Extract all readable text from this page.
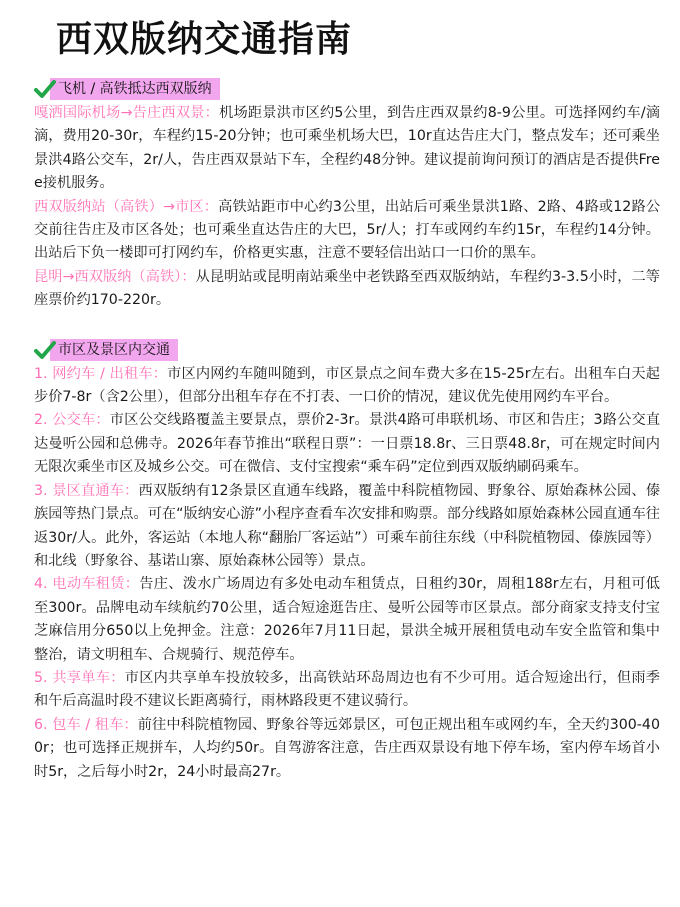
西双版纳交通指南
飞机 / 高铁抵达西双版纳

嘎洒国际机场→告庄西双景：机场距景洪市区约5公里，到告庄西双景约8-9公里。可选择网约车/滴滴，费用20-30r，车程约15-20分钟；也可乘坐机场大巴，10r直达告庄大门，整点发车；还可乘坐景洪4路公交车，2r/人，告庄西双景站下车，全程约48分钟。建议提前询问预订的酒店是否提供Free接机服务。

西双版纳站（高铁）→市区：高铁站距市中心约3公里，出站后可乘坐景洪1路、2路、4路或12路公交前往告庄及市区各处；也可乘坐直达告庄的大巴，5r/人；打车或网约车约15r，车程约14分钟。出站后下负一楼即可打网约车，价格更实惠，注意不要轻信出站口一口价的黑车。

昆明→西双版纳（高铁）：从昆明站或昆明南站乘坐中老铁路至西双版纳站，车程约3-3.5小时，二等座票价约170-220r。

市区及景区内交通

1. 网约车 / 出租车：市区内网约车随叫随到，市区景点之间车费大多在15-25r左右。出租车白天起步价7-8r（含2公里），但部分出租车存在不打表、一口价的情况，建议优先使用网约车平台。

2. 公交车：市区公交线路覆盖主要景点，票价2-3r。景洪4路可串联机场、市区和告庄；3路公交直达曼听公园和总佛寺。2026年春节推出“联程日票”：一日票18.8r、三日票48.8r，可在规定时间内无限次乘坐市区及城乡公交。可在微信、支付宝搜索“乘车码”定位到西双版纳刷码乘车。

3. 景区直通车：西双版纳有12条景区直通车线路，覆盖中科院植物园、野象谷、原始森林公园、傣族园等热门景点。可在“版纳安心游”小程序查看车次安排和购票。部分线路如原始森林公园直通车往返30r/人。此外，客运站（本地人称“翻胎厂客运站”）可乘车前往东线（中科院植物园、傣族园等）和北线（野象谷、基诺山寨、原始森林公园等）景点。

4. 电动车租赁：告庄、泼水广场周边有多处电动车租赁点，日租约30r，周租188r左右，月租可低至300r。品牌电动车续航约70公里，适合短途逛告庄、曼听公园等市区景点。部分商家支持支付宝芝麻信用分650以上免押金。注意：2026年7月11日起，景洪全城开展租赁电动车安全监管和集中整治，请文明租车、合规骑行、规范停车。

5. 共享单车：市区内共享单车投放较多，出高铁站环岛周边也有不少可用。适合短途出行，但雨季和午后高温时段不建议长距离骑行，雨林路段更不建议骑行。

6. 包车 / 租车：前往中科院植物园、野象谷等远郊景区，可包正规出租车或网约车，全天约300-400r；也可选择正规拼车，人均约50r。自驾游客注意，告庄西双景设有地下停车场，室内停车场首小时5r，之后每小时2r，24小时最高27r。
